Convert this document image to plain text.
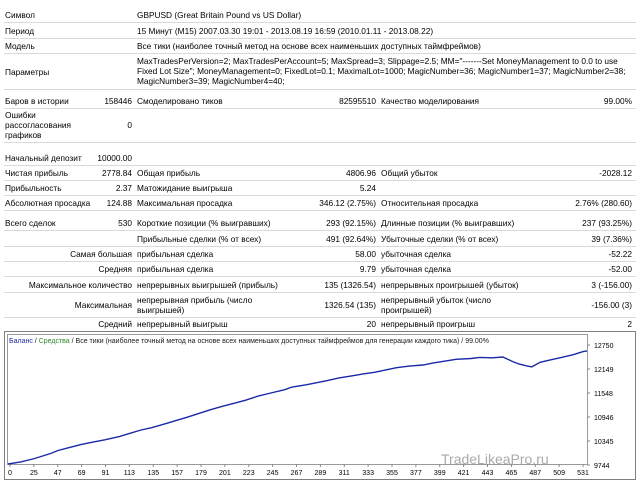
Символ	GBPUSD (Great Britain Pound vs US Dollar)
Период	15 Минут (M15) 2007.03.30 19:01 - 2013.08.19 16:59 (2010.01.11 - 2013.08.22)
Модель	Все тики (наиболее точный метод на основе всех наименьших доступных таймфреймов)
Параметры
MaxTradesPerVersion=2; MaxTradesPerAccount=5; MaxSpread=3; Slippage=2.5; MM="-------Set MoneyManagement to 0.0 to use
Fixed Lot Size"; MoneyManagement=0; FixedLot=0.1; MaximalLot=1000; MagicNumber=36; MagicNumber1=37; MagicNumber2=38;
MagicNumber3=39; MagicNumber4=40;
Баров в истории	158446 Смоделировано тиков	82595510 Качество моделирования	99.00%
Ошибки
рассогласования
графиков
0
Начальный депозит	10000.00
Чистая прибыль	2778.84 Общая прибыль	4806.96 Общий убыток	-2028.12
Прибыльность	2.37 Матожидание выигрыша	5.24
Абсолютная просадка	124.88 Максимальная просадка	346.12 (2.75%) Относительная просадка	2.76% (280.60)
Всего сделок	530 Короткие позиции (% выигравших)	293 (92.15%) Длинные позиции (% выигравших)	237 (93.25%)
Прибыльные сделки (% от всех)	491 (92.64%) Убыточные сделки (% от всех)	39 (7.36%)
Самая большая прибыльная сделка	58.00 убыточная сделка	-52.22
Средняя прибыльная сделка	9.79 убыточная сделка	-52.00
Максимальное количество непрерывных выигрышей (прибыль)	135 (1326.54) непрерывных проигрышей (убыток)	3 (-156.00)
Максимальная непрерывная прибыль (число
выигрышей)	1326.54 (135) непрерывный убыток (число
проигрышей)	-156.00 (3)
Средний непрерывный выигрыш	20 непрерывный проигрыш	2
Баланс / Средства / Все тики (наиболее точный метод на основе всех наименьших доступных таймфреймов для генерации каждого тика) / 99.00%
TradeLikeaPro.ru
12750
12149
11548
10946
10345
9744
0	25 47 69 91 113 135 157 179 201 223 245 267 289 311 333 355 377 399 421 443 465 487 509 531
